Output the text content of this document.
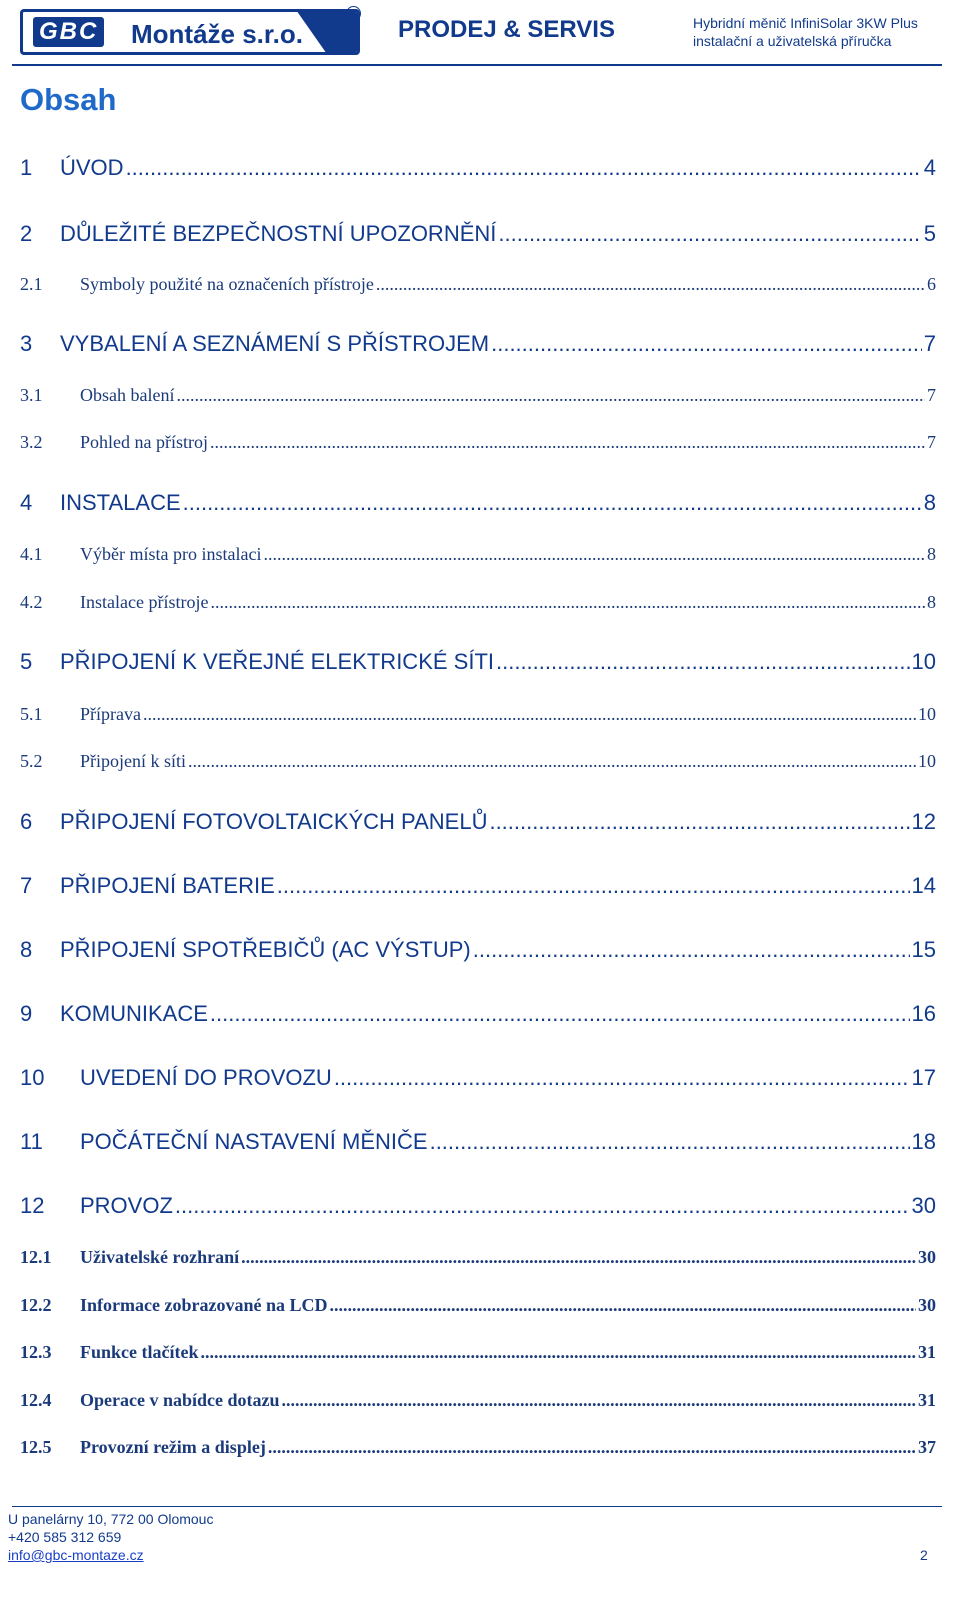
GBC Montáže s.r.o.
R
PRODEJ & SERVIS	Hybridní měnič InfiniSolar 3KW Plus
instalační a uživatelská příručka
Obsah
1	ÚVOD .....	4
2	DŮLEŽITÉ BEZPEČNOSTNÍ UPOZORNĚNÍ .....	5
2.1	Symboly použité na označeních přístroje .....	6
3	VYBALENÍ A SEZNÁMENÍ S PŘÍSTROJEM .....	7
3.1	Obsah balení .....	7
3.2	Pohled na přístroj .....	7
4	INSTALACE .....	8
4.1	Výběr místa pro instalaci .....	8
4.2	Instalace přístroje .....	8
5	PŘIPOJENÍ K VEŘEJNÉ ELEKTRICKÉ SÍTI .....	10
5.1	Příprava .....	10
5.2	Připojení k síti .....	10
6	PŘIPOJENÍ FOTOVOLTAICKÝCH PANELŮ .....	12
7	PŘIPOJENÍ BATERIE .....	14
8	PŘIPOJENÍ SPOTŘEBIČŮ (AC VÝSTUP) .....	15
9	KOMUNIKACE .....	16
10	UVEDENÍ DO PROVOZU .....	17
11	POČÁTEČNÍ NASTAVENÍ MĚNIČE .....	18
12	PROVOZ .....	30
12.1	Uživatelské rozhraní .....	30
12.2	Informace zobrazované na LCD .....	30
12.3	Funkce tlačítek .....	31
12.4	Operace v nabídce dotazu .....	31
12.5	Provozní režim a displej .....	37
U panelárny 10, 772 00 Olomouc
+420 585 312 659
info@gbc-montaze.cz	2
